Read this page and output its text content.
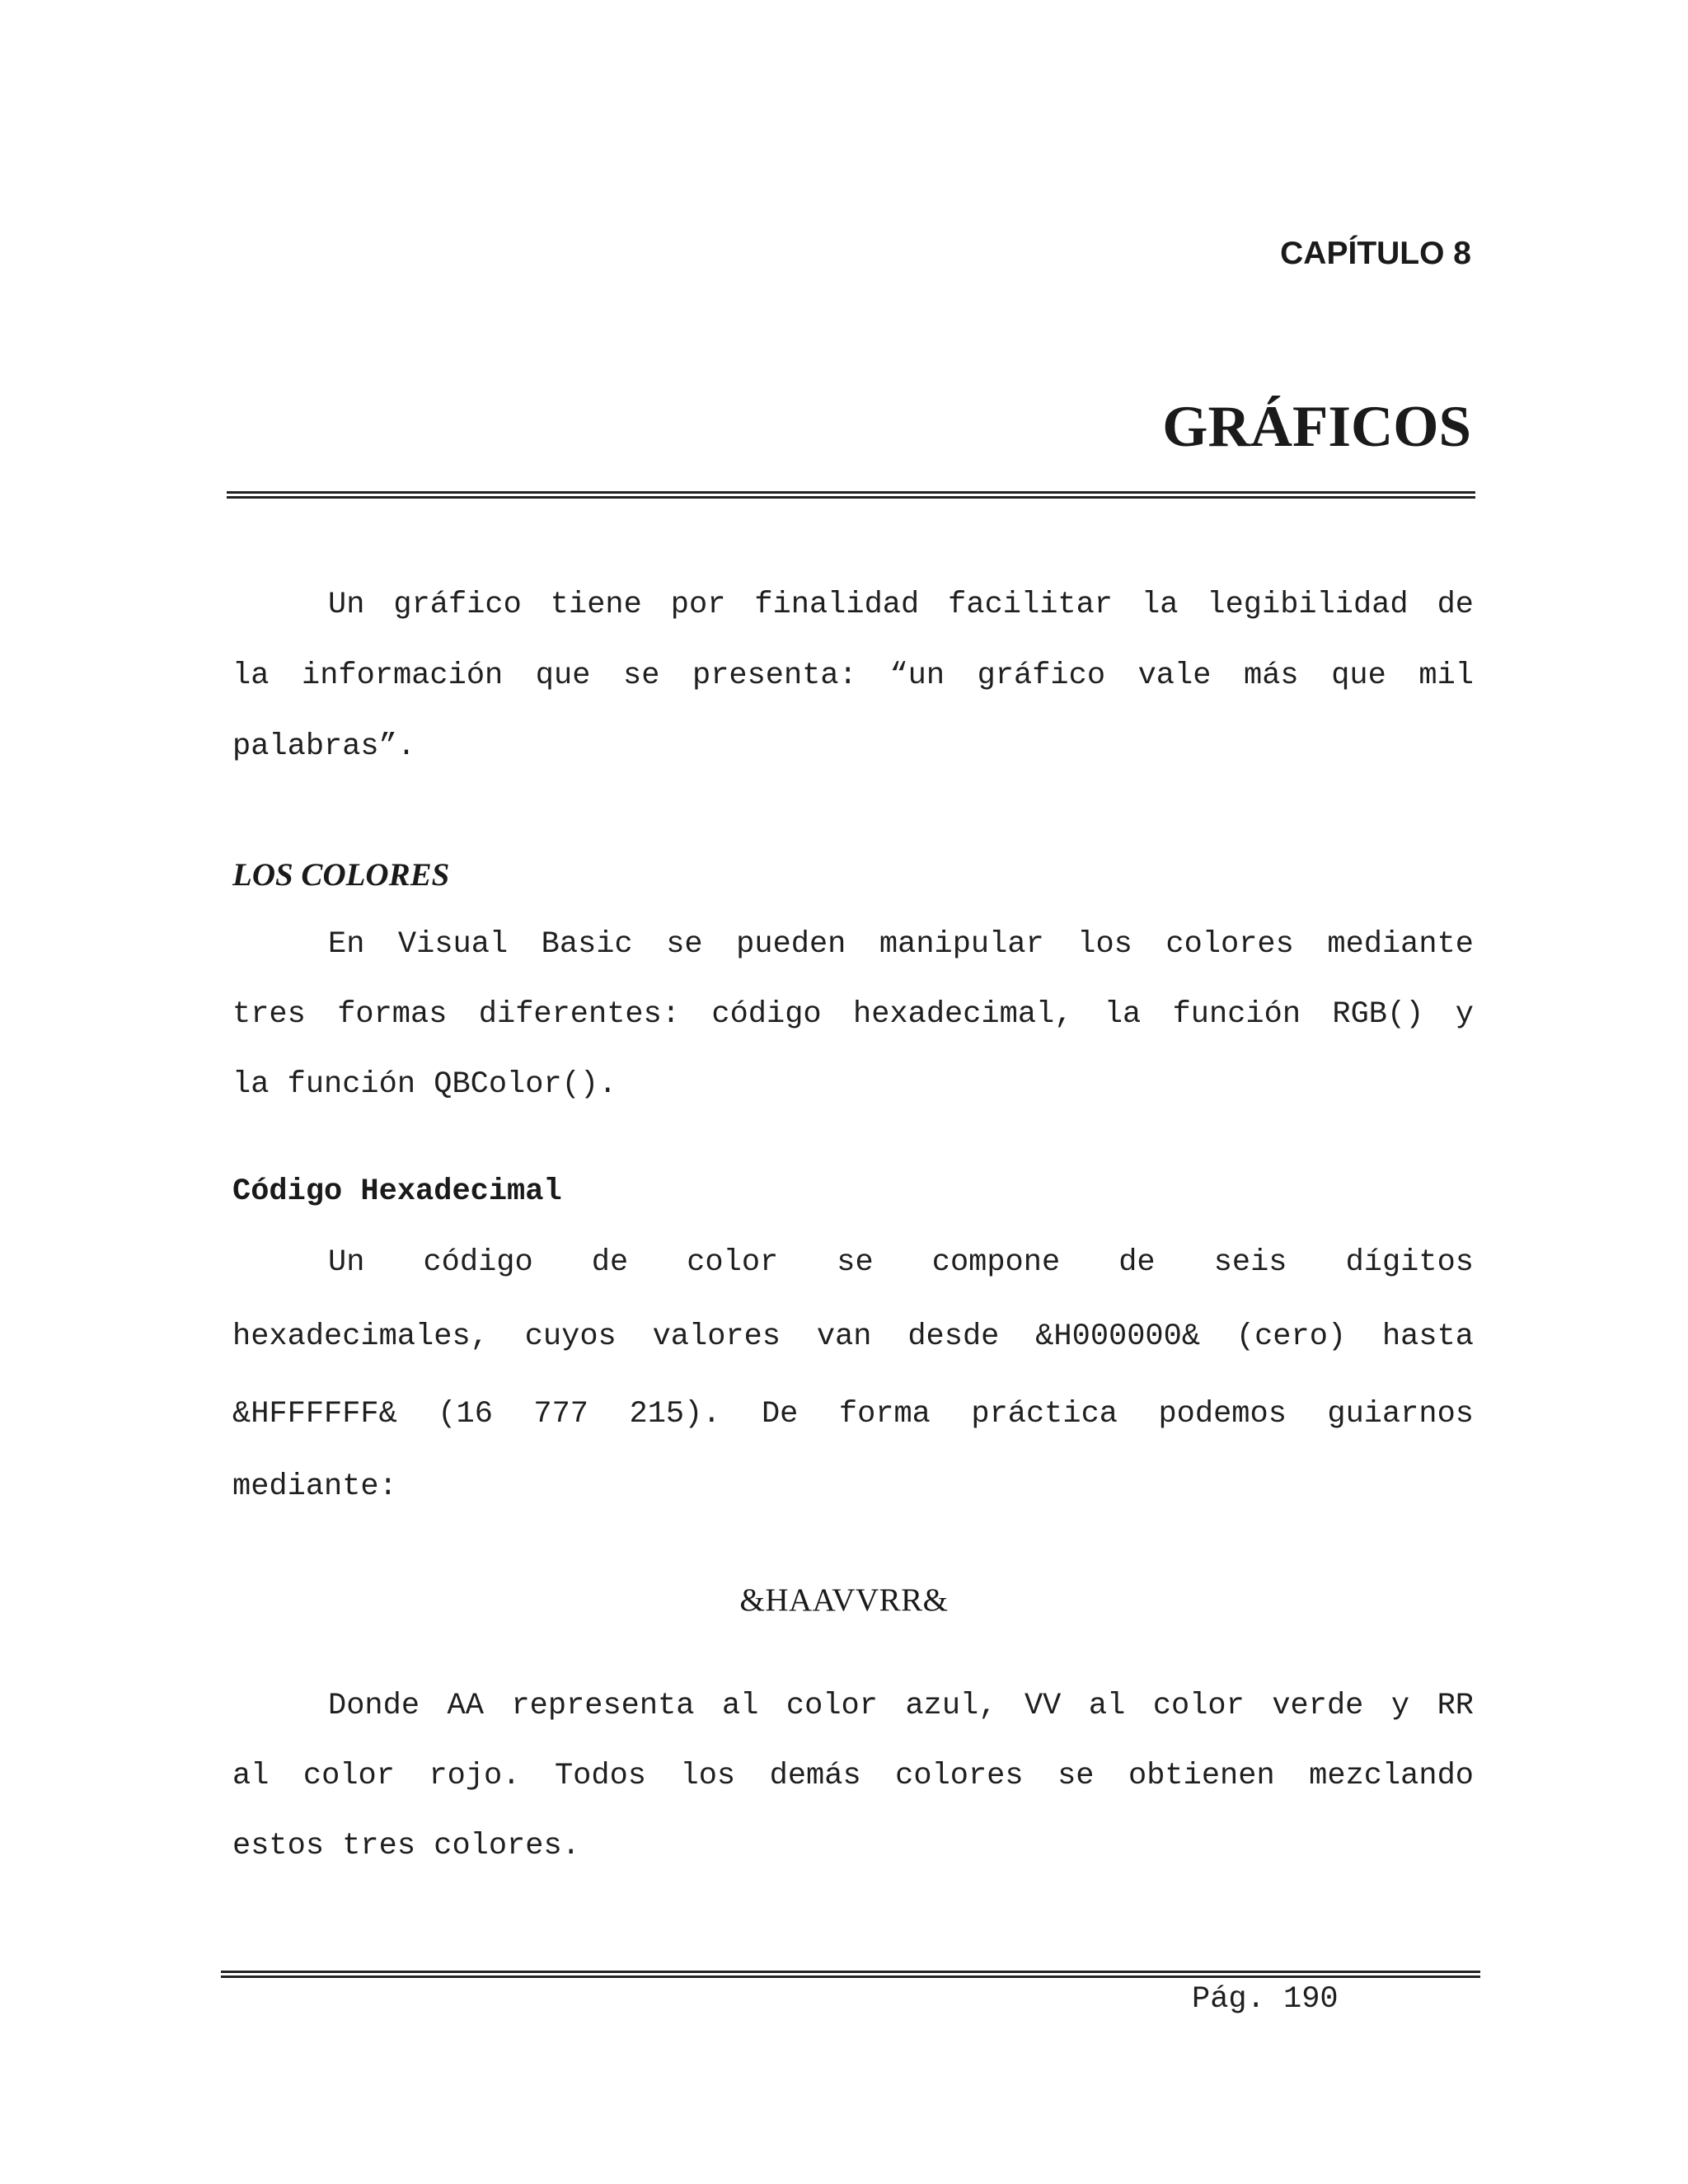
CAPÍTULO 8
GRÁFICOS
Un gráfico tiene por finalidad facilitar la legibilidad de
la información que se presenta: “un gráfico vale más que mil
palabras”.
LOS COLORES
En Visual Basic se pueden manipular los colores mediante
tres formas diferentes: código hexadecimal, la función RGB() y
la función QBColor().
Código Hexadecimal
Un código de color se compone de seis dígitos
hexadecimales, cuyos valores van desde &H000000& (cero) hasta
&HFFFFFF& (16 777 215). De forma práctica podemos guiarnos
mediante:
&HAAVVRR&
Donde AA representa al color azul, VV al color verde y RR
al color rojo. Todos los demás colores se obtienen mezclando
estos tres colores.
Pág. 190
